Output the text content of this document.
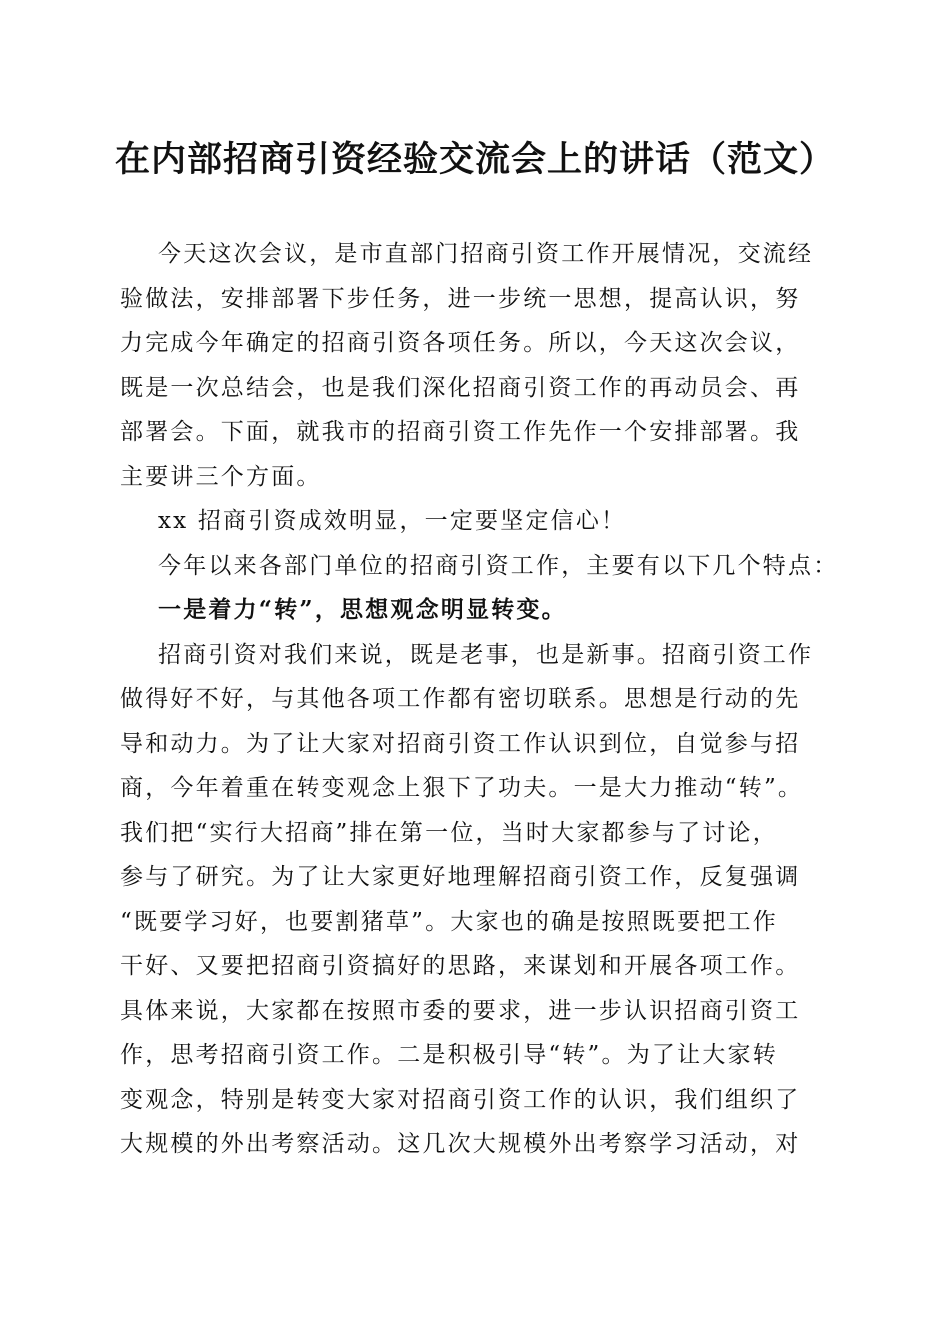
在内部招商引资经验交流会上的讲话（范文）
今天这次会议，是市直部门招商引资工作开展情况，交流经
验做法，安排部署下步任务，进一步统一思想，提高认识，努
力完成今年确定的招商引资各项任务。所以，今天这次会议，
既是一次总结会，也是我们深化招商引资工作的再动员会、再
部署会。下面，就我市的招商引资工作先作一个安排部署。我
主要讲三个方面。
xx 招商引资成效明显，一定要坚定信心！
今年以来各部门单位的招商引资工作，主要有以下几个特点：
一是着力“转”，思想观念明显转变。
招商引资对我们来说，既是老事，也是新事。招商引资工作
做得好不好，与其他各项工作都有密切联系。思想是行动的先
导和动力。为了让大家对招商引资工作认识到位，自觉参与招
商，今年着重在转变观念上狠下了功夫。一是大力推动“转”。
我们把“实行大招商”排在第一位，当时大家都参与了讨论，
参与了研究。为了让大家更好地理解招商引资工作，反复强调
“既要学习好，也要割猪草”。大家也的确是按照既要把工作
干好、又要把招商引资搞好的思路，来谋划和开展各项工作。
具体来说，大家都在按照市委的要求，进一步认识招商引资工
作，思考招商引资工作。二是积极引导“转”。为了让大家转
变观念，特别是转变大家对招商引资工作的认识，我们组织了
大规模的外出考察活动。这几次大规模外出考察学习活动，对
